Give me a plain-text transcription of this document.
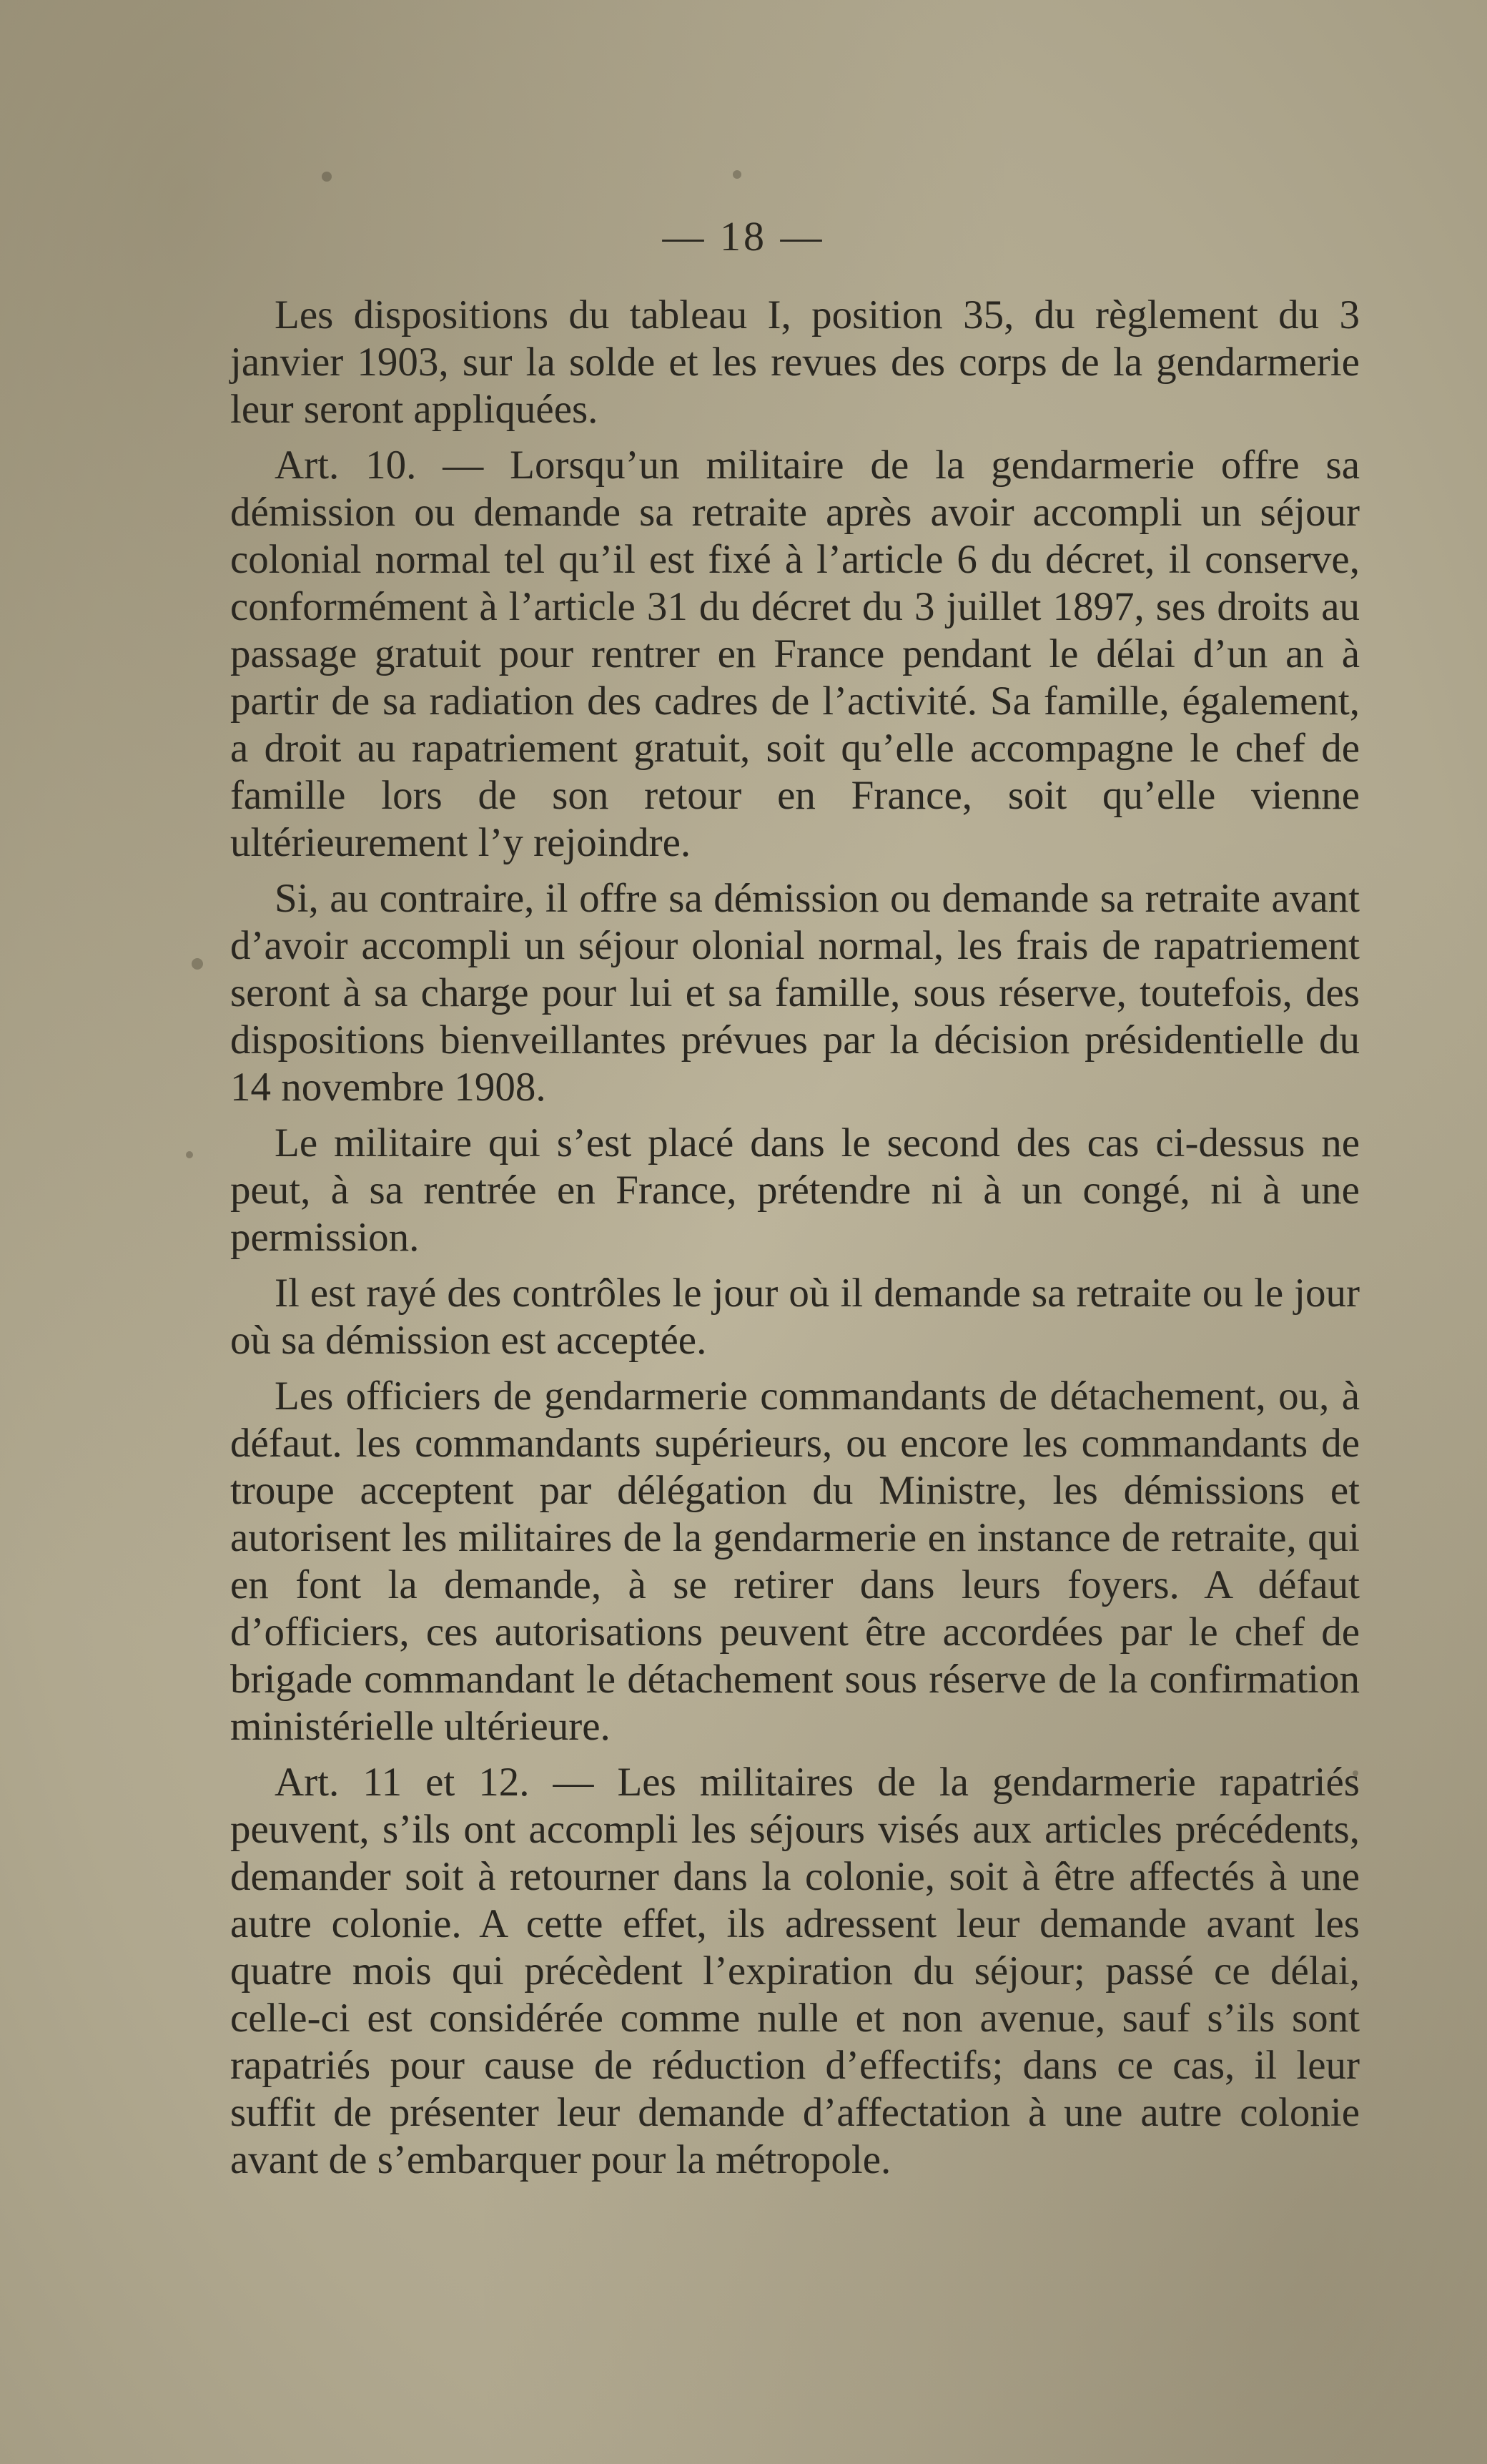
— 18 —

Les dispositions du tableau I, position 35, du règlement du 3 janvier 1903, sur la solde et les revues des corps de la gendarmerie leur seront appliquées.

Art. 10. — Lorsqu’un militaire de la gendarmerie offre sa démission ou demande sa retraite après avoir accompli un séjour colonial normal tel qu’il est fixé à l’article 6 du décret, il conserve, conformément à l’article 31 du décret du 3 juillet 1897, ses droits au passage gratuit pour rentrer en France pendant le délai d’un an à partir de sa radiation des cadres de l’activité. Sa famille, également, a droit au rapatriement gratuit, soit qu’elle accompagne le chef de famille lors de son retour en France, soit qu’elle vienne ultérieurement l’y rejoindre.

Si, au contraire, il offre sa démission ou demande sa retraite avant d’avoir accompli un séjour olonial normal, les frais de rapatriement seront à sa charge pour lui et sa famille, sous réserve, toutefois, des dispositions bienveillantes prévues par la décision présidentielle du 14 novembre 1908.

Le militaire qui s’est placé dans le second des cas ci-dessus ne peut, à sa rentrée en France, prétendre ni à un congé, ni à une permission.

Il est rayé des contrôles le jour où il demande sa retraite ou le jour où sa démission est acceptée.

Les officiers de gendarmerie commandants de détachement, ou, à défaut. les commandants supérieurs, ou encore les commandants de troupe acceptent par délégation du Ministre, les démissions et autorisent les militaires de la gendarmerie en instance de retraite, qui en font la demande, à se retirer dans leurs foyers. A défaut d’officiers, ces autorisations peuvent être accordées par le chef de brigade commandant le détachement sous réserve de la confirmation ministérielle ultérieure.

Art. 11 et 12. — Les militaires de la gendarmerie rapatriés peuvent, s’ils ont accompli les séjours visés aux articles précédents, demander soit à retourner dans la colonie, soit à être affectés à une autre colonie. A cette effet, ils adressent leur demande avant les quatre mois qui précèdent l’expiration du séjour; passé ce délai, celle-ci est considérée comme nulle et non avenue, sauf s’ils sont rapatriés pour cause de réduction d’effectifs; dans ce cas, il leur suffit de présenter leur demande d’affectation à une autre colonie avant de s’embarquer pour la métropole.
